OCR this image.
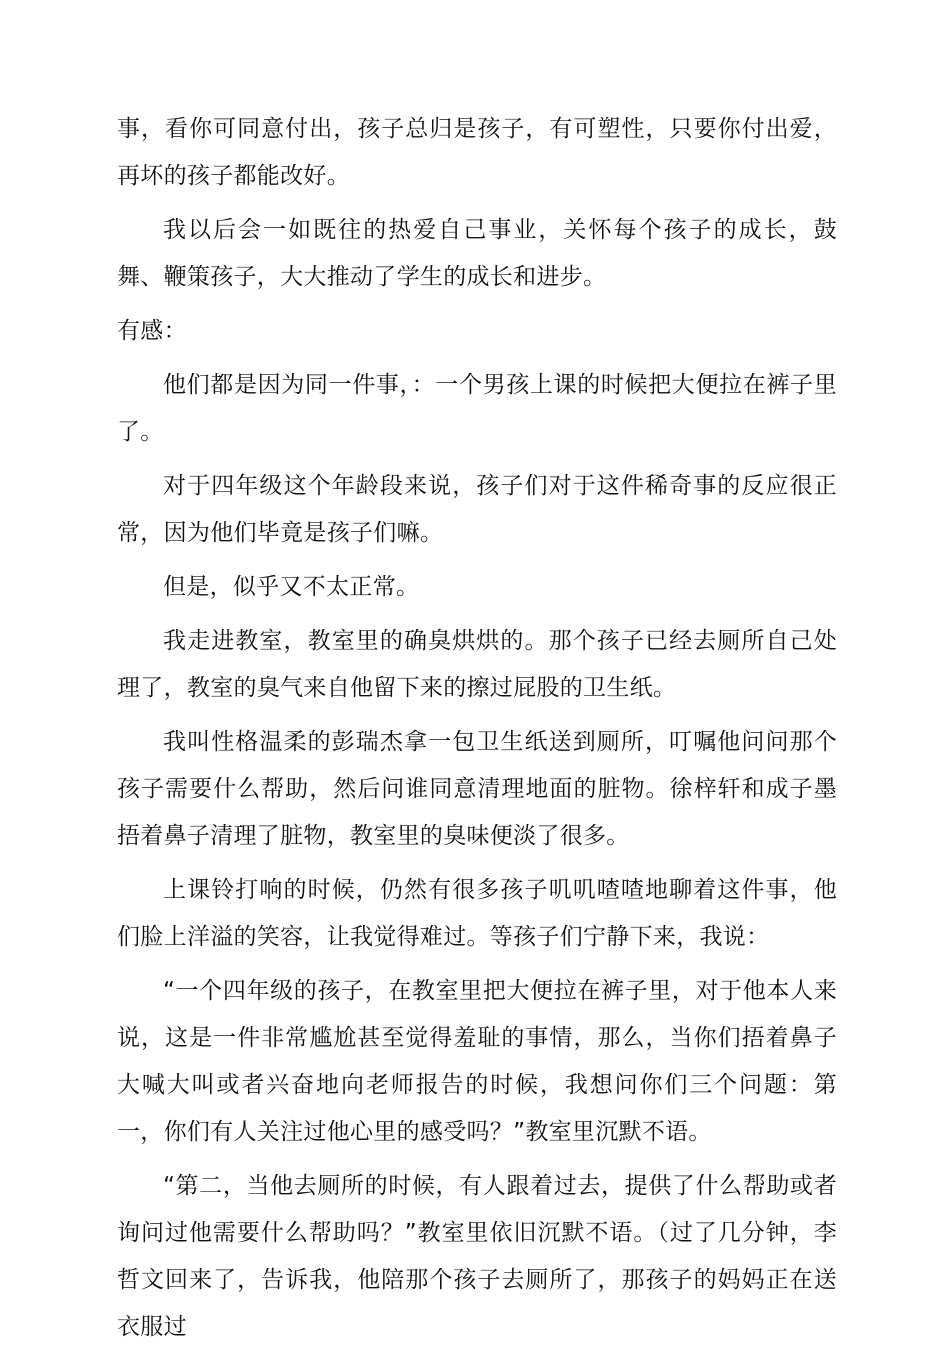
事，看你可同意付出，孩子总归是孩子，有可塑性，只要你付出爱，再坏的孩子都能改好。

我以后会一如既往的热爱自己事业，关怀每个孩子的成长，鼓舞、鞭策孩子，大大推动了学生的成长和进步。

有感：

他们都是因为同一件事，：一个男孩上课的时候把大便拉在裤子里了。

对于四年级这个年龄段来说，孩子们对于这件稀奇事的反应很正常，因为他们毕竟是孩子们嘛。

但是，似乎又不太正常。

我走进教室，教室里的确臭烘烘的。那个孩子已经去厕所自己处理了，教室的臭气来自他留下来的擦过屁股的卫生纸。

我叫性格温柔的彭瑞杰拿一包卫生纸送到厕所，叮嘱他问问那个孩子需要什么帮助，然后问谁同意清理地面的脏物。徐梓轩和成子墨捂着鼻子清理了脏物，教室里的臭味便淡了很多。

上课铃打响的时候，仍然有很多孩子叽叽喳喳地聊着这件事，他们脸上洋溢的笑容，让我觉得难过。等孩子们宁静下来，我说：

“一个四年级的孩子，在教室里把大便拉在裤子里，对于他本人来说，这是一件非常尴尬甚至觉得羞耻的事情，那么，当你们捂着鼻子大喊大叫或者兴奋地向老师报告的时候，我想问你们三个问题：第一，你们有人关注过他心里的感受吗？”教室里沉默不语。

“第二，当他去厕所的时候，有人跟着过去，提供了什么帮助或者询问过他需要什么帮助吗？”教室里依旧沉默不语。（过了几分钟，李哲文回来了，告诉我，他陪那个孩子去厕所了，那孩子的妈妈正在送衣服过
